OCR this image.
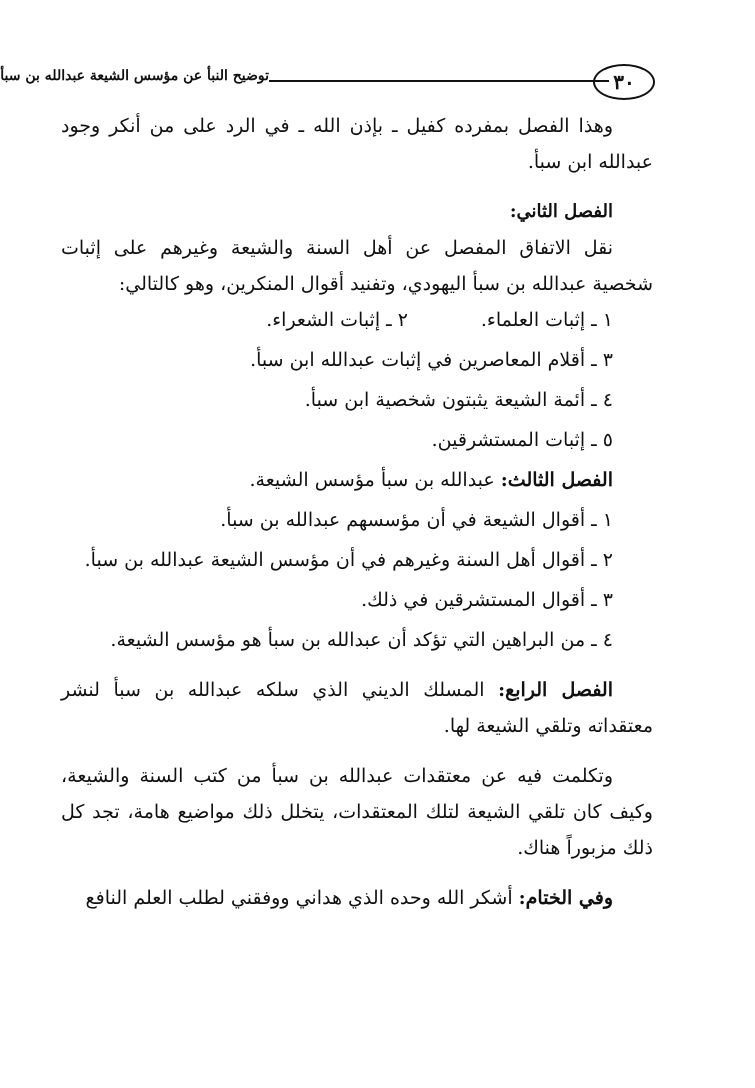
٣٠
توضيح النبأ عن مؤسس الشيعة عبدالله بن سبأ

وهذا الفصل بمفرده كفيل ـ بإذن الله ـ في الرد على من أنكر وجود عبدالله ابن سبأ.

الفصل الثاني:

نقل الاتفاق المفصل عن أهل السنة والشيعة وغيرهم على إثبات شخصية عبدالله بن سبأ اليهودي، وتفنيد أقوال المنكرين، وهو كالتالي:

١ ـ إثبات العلماء.
٢ ـ إثبات الشعراء.

٣ ـ أقلام المعاصرين في إثبات عبدالله ابن سبأ.

٤ ـ أئمة الشيعة يثبتون شخصية ابن سبأ.

٥ ـ إثبات المستشرقين.

الفصل الثالث: عبدالله بن سبأ مؤسس الشيعة.

١ ـ أقوال الشيعة في أن مؤسسهم عبدالله بن سبأ.

٢ ـ أقوال أهل السنة وغيرهم في أن مؤسس الشيعة عبدالله بن سبأ.

٣ ـ أقوال المستشرقين في ذلك.

٤ ـ من البراهين التي تؤكد أن عبدالله بن سبأ هو مؤسس الشيعة.

الفصل الرابع: المسلك الديني الذي سلكه عبدالله بن سبأ لنشر معتقداته وتلقي الشيعة لها.

وتكلمت فيه عن معتقدات عبدالله بن سبأ من كتب السنة والشيعة، وكيف كان تلقي الشيعة لتلك المعتقدات، يتخلل ذلك مواضيع هامة، تجد كل ذلك مزبوراً هناك.

وفي الختام: أشكر الله وحده الذي هداني ووفقني لطلب العلم النافع
